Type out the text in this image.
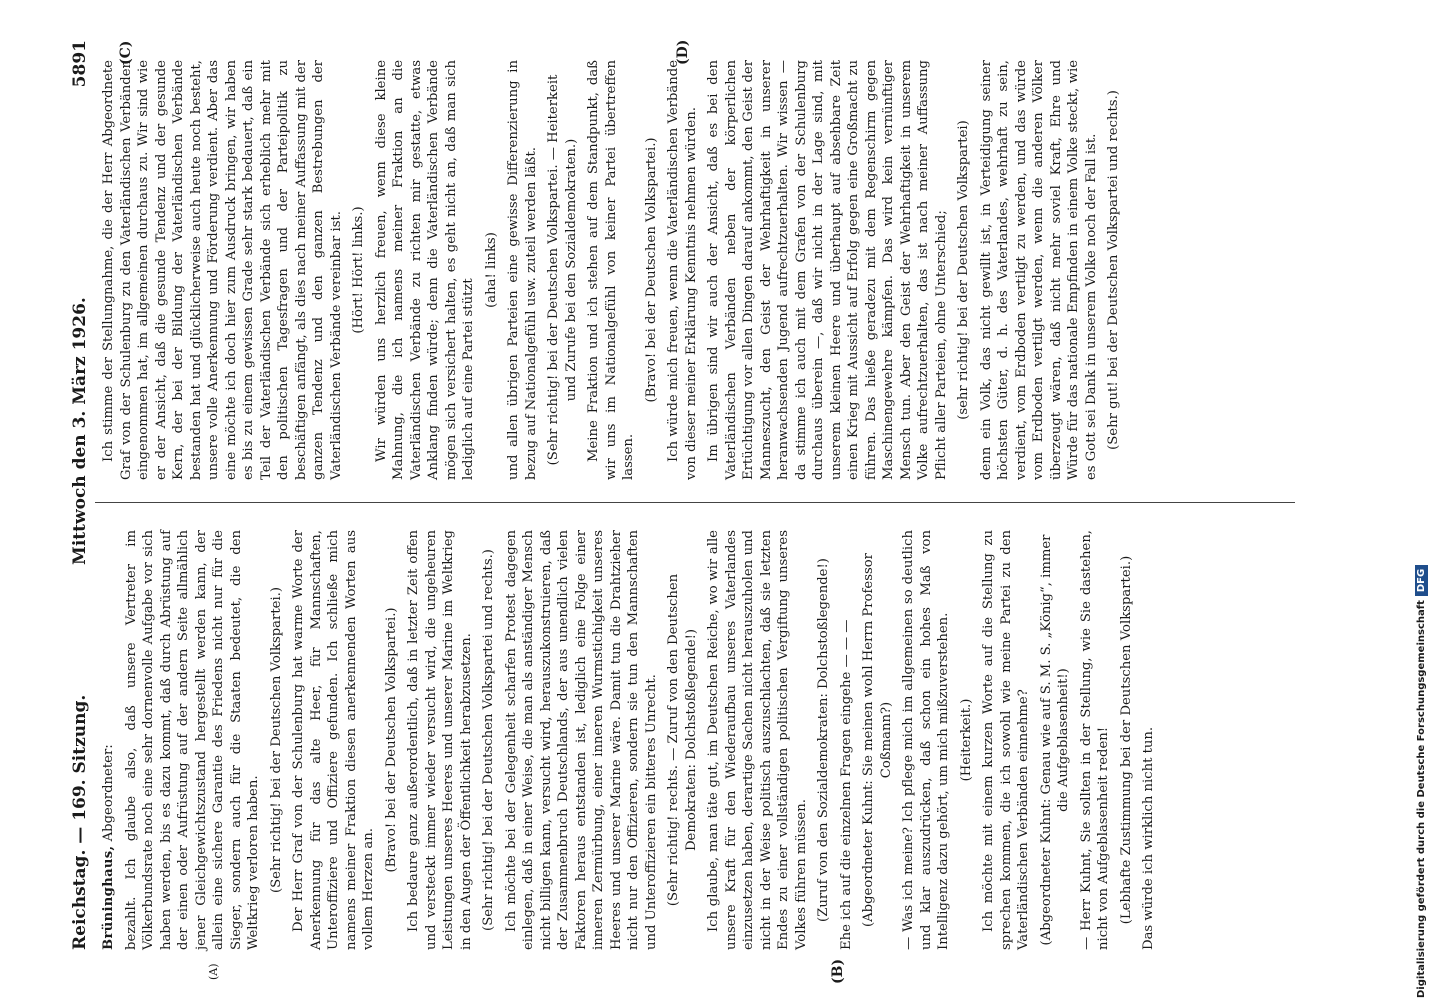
Reichstag. — 169. Sitzung.
Mittwoch den 3. März 1926.
5891
(A)	(B)

Brüninghaus, Abgeordneter: bezahlt. Ich glaube also, daß unsere Vertreter im Völkerbundsrate noch eine sehr dornenvolle Aufgabe vor sich haben werden, bis es dazu kommt, daß durch Abrüstung auf der einen oder Aufrüstung auf der andern Seite allmählich jener Gleichgewichtszustand hergestellt werden kann, der allein eine sichere Garantie des Friedens nicht nur für die Sieger, sondern auch für die Staaten bedeutet, die den Weltkrieg verloren haben. (Sehr richtig! bei der Deutschen Volkspartei.) Der Herr Graf von der Schulenburg hat warme Worte der Anerkennung für das alte Heer, für Mannschaften, Unteroffiziere und Offiziere gefunden. Ich schließe mich namens meiner Fraktion diesen anerkennenden Worten aus vollem Herzen an.

(Bravo! bei der Deutschen Volkspartei.) Ich bedaure ganz außerordentlich, daß in letzter Zeit offen und versteckt immer wieder versucht wird, die ungeheuren Leistungen unseres Heeres und unserer Marine im Weltkrieg in den Augen der Öffentlichkeit herabzusetzen. (Sehr richtig! bei der Deutschen Volkspartei und rechts.) Ich möchte bei der Gelegenheit scharfen Protest dagegen einlegen, daß in einer Weise, die man als anständiger Mensch nicht billigen kann, versucht wird, herauszukonstruieren, daß der Zusammenbruch Deutschlands, der aus unendlich vielen Faktoren heraus entstanden ist, lediglich eine Folge einer inneren Zermürbung, einer inneren Wurmstichigkeit unseres Heeres und unserer Marine wäre. Damit tun die Drahtzieher nicht nur den Offizieren, sondern sie tun den Mannschaften und Unteroffizieren ein bitteres Unrecht. (Sehr richtig! rechts. — Zuruf von den Deutschen Demokraten: Dolchstoßlegende!) Ich glaube, man täte gut, im Deutschen Reiche, wo wir alle unsere Kraft für den Wiederaufbau unseres Vaterlandes einzusetzen haben, derartige Sachen nicht herauszuholen und nicht in der Weise politisch auszuschlachten, daß sie letzten Endes zu einer vollständigen politischen Vergiftung unseres Volkes führen müssen. (Zuruf von den Sozialdemokraten: Dolchstoßlegende!) Ehe ich auf die einzelnen Fragen eingehe — — — (Abgeordneter Kuhnt: Sie meinen wohl Herrn Professor Coßmann?) — Was ich meine? Ich pflege mich im allgemeinen so deutlich und klar auszudrücken, daß schon ein hohes Maß von Intelligenz dazu gehört, um mich mißzuverstehen. (Heiterkeit.) Ich möchte mit einem kurzen Worte auf die Stellung zu sprechen kommen, die ich sowohl wie meine Partei zu den Vaterländischen Verbänden einnehme? (Abgeordneter Kuhnt: Genau wie auf S. M. S. „König“, immer die Aufgeblasenheit!) — Herr Kuhnt, Sie sollten in der Stellung, wie Sie dastehen, nicht von Aufgeblasenheit reden! (Lebhafte Zustimmung bei der Deutschen Volkspartei.) Das würde ich wirklich nicht tun.

Ich stimme der Stellungnahme, die der Herr Abgeordnete Graf von der Schulenburg zu den Vaterländischen Verbänden eingenommen hat, im allgemeinen durchaus zu. Wir sind wie er der Ansicht, daß die gesunde Tendenz und der gesunde Kern, der bei der Bildung der Vaterländischen Verbände bestanden hat und glücklicherweise auch heute noch besteht, unsere volle Anerkennung und Förderung verdient. Aber das eine möchte ich doch hier zum Ausdruck bringen, wir haben es bis zu einem gewissen Grade sehr stark bedauert, daß ein Teil der Vaterländischen Verbände sich erheblich mehr mit den politischen Tagesfragen und der Parteipolitik zu beschäftigen anfängt, als dies nach meiner Auffassung mit der ganzen Tendenz und den ganzen Bestrebungen der Vaterländischen Verbände vereinbar ist. (Hört! Hört! links.) Wir würden uns herzlich freuen, wenn diese kleine Mahnung, die ich namens meiner Fraktion an die Vaterländischen Verbände zu richten mir gestatte, etwas Anklang finden würde; denn die Vaterländischen Verbände mögen sich versichert halten, es geht nicht an, daß man sich lediglich auf eine Partei stützt

(aha! links) und allen übrigen Parteien eine gewisse Differenzierung in bezug auf Nationalgefühl usw. zuteil werden läßt. (Sehr richtig! bei der Deutschen Volkspartei. — Heiterkeit und Zurufe bei den Sozialdemokraten.) Meine Fraktion und ich stehen auf dem Standpunkt, daß wir uns im Nationalgefühl von keiner Partei übertreffen lassen.

(Bravo! bei der Deutschen Volkspartei.) Ich würde mich freuen, wenn die Vaterländischen Verbände von dieser meiner Erklärung Kenntnis nehmen würden. Im übrigen sind wir auch der Ansicht, daß es bei den Vaterländischen Verbänden neben der körperlichen Ertüchtigung vor allen Dingen darauf ankommt, den Geist der Manneszucht, den Geist der Wehrhaftigkeit in unserer heranwachsenden Jugend aufrechtzuerhalten. Wir wissen — da stimme ich auch mit dem Grafen von der Schulenburg durchaus überein —, daß wir nicht in der Lage sind, mit unserem kleinen Heere und überhaupt auf absehbare Zeit einen Krieg mit Aussicht auf Erfolg gegen eine Großmacht zu führen. Das hieße geradezu mit dem Regenschirm gegen Maschinengewehre kämpfen. Das wird kein vernünftiger Mensch tun. Aber den Geist der Wehrhaftigkeit in unserem Volke aufrechtzuerhalten, das ist nach meiner Auffassung Pflicht aller Parteien, ohne Unterschied; (sehr richtig! bei der Deutschen Volkspartei) denn ein Volk, das nicht gewillt ist, in Verteidigung seiner höchsten Güter, d. h. des Vaterlandes, wehrhaft zu sein, verdient, vom Erdboden vertilgt zu werden, und das würde vom Erdboden vertilgt werden, wenn die anderen Völker überzeugt wären, daß nicht mehr soviel Kraft, Ehre und Würde für das nationale Empfinden in einem Volke steckt, wie es Gott sei Dank in unserem Volke noch der Fall ist. (Sehr gut! bei der Deutschen Volkspartei und rechts.)

(C)	(D)
Digitalisierung gefördert durch die Deutsche Forschungsgemeinschaft
DFG
